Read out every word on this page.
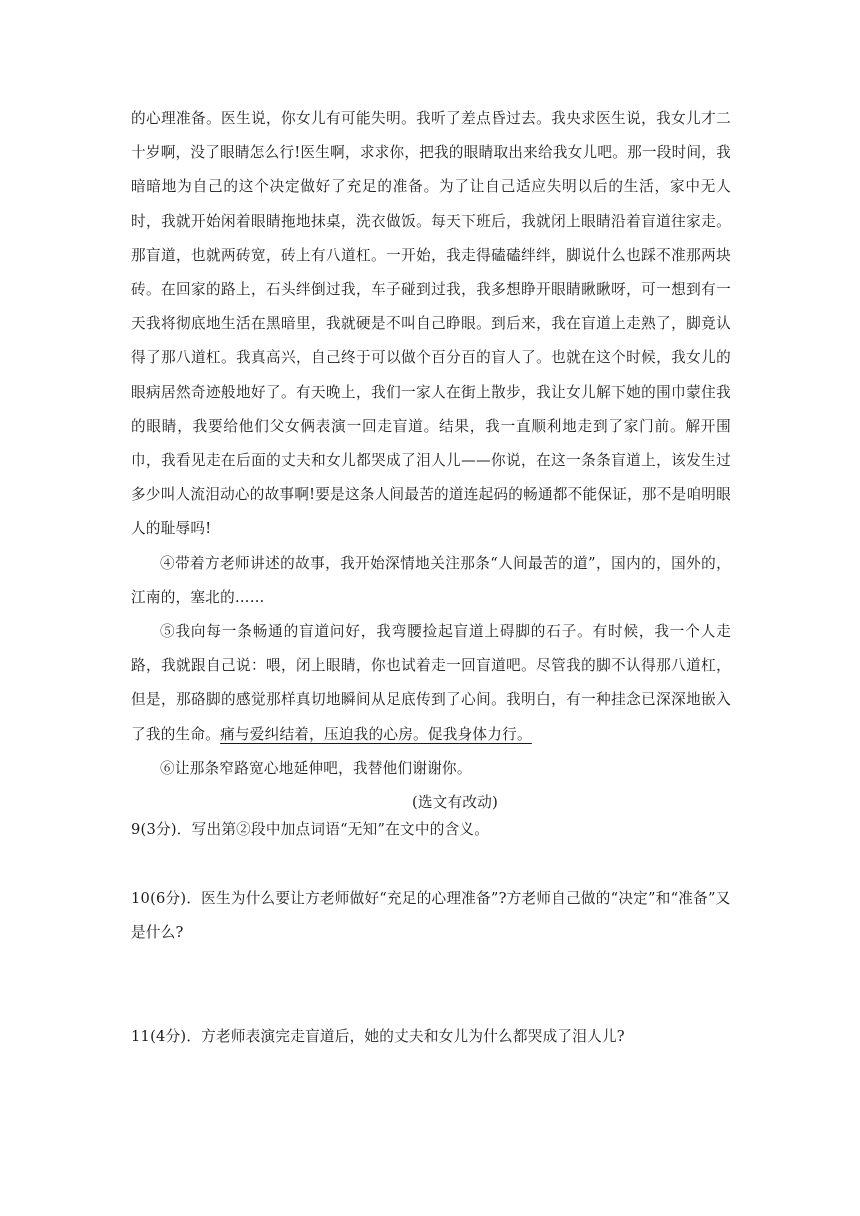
的心理准备。医生说，你女儿有可能失明。我听了差点昏过去。我央求医生说，我女儿才二十岁啊，没了眼睛怎么行!医生啊，求求你，把我的眼睛取出来给我女儿吧。那一段时间，我暗暗地为自己的这个决定做好了充足的准备。为了让自己适应失明以后的生活，家中无人时，我就开始闲着眼睛拖地抹桌，洗衣做饭。每天下班后，我就闭上眼睛沿着盲道往家走。那盲道，也就两砖宽，砖上有八道杠。一开始，我走得磕磕绊绊，脚说什么也踩不准那两块砖。在回家的路上，石头绊倒过我，车子碰到过我，我多想睁开眼睛瞅瞅呀，可一想到有一天我将彻底地生活在黑暗里，我就硬是不叫自己睁眼。到后来，我在盲道上走熟了，脚竟认得了那八道杠。我真高兴，自己终于可以做个百分百的盲人了。也就在这个时候，我女儿的眼病居然奇迹般地好了。有天晚上，我们一家人在街上散步，我让女儿解下她的围巾蒙住我的眼睛，我要给他们父女俩表演一回走盲道。结果，我一直顺利地走到了家门前。解开围巾，我看见走在后面的丈夫和女儿都哭成了泪人儿——你说，在这一条条盲道上，该发生过多少叫人流泪动心的故事啊!要是这条人间最苦的道连起码的畅通都不能保证，那不是咱明眼人的耻辱吗!

④带着方老师讲述的故事，我开始深情地关注那条“人间最苦的道”，国内的，国外的，江南的，塞北的……

⑤我向每一条畅通的盲道问好，我弯腰捡起盲道上碍脚的石子。有时候，我一个人走路，我就跟自己说：喂，闭上眼睛，你也试着走一回盲道吧。尽管我的脚不认得那八道杠，但是，那硌脚的感觉那样真切地瞬间从足底传到了心间。我明白，有一种挂念已深深地嵌入了我的生命。痛与爱纠结着，压迫我的心房。促我身体力行。

⑥让那条窄路宽心地延伸吧，我替他们谢谢你。

(选文有改动)

9(3分)．写出第②段中加点词语“无知”在文中的含义。

10(6分)．医生为什么要让方老师做好“充足的心理准备”?方老师自己做的“决定”和“准备”又是什么?

11(4分)．方老师表演完走盲道后，她的丈夫和女儿为什么都哭成了泪人儿?
